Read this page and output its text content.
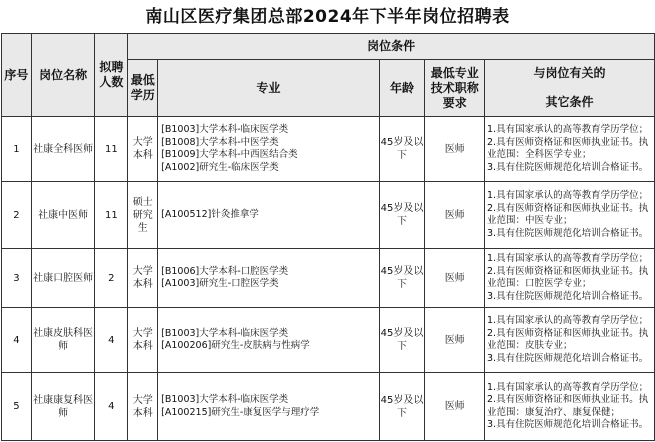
南山区医疗集团总部2024年下半年岗位招聘表
序号	岗位名称	拟聘人数	岗位条件				
			最低学历	专业	年龄	最低专业技术职称要求	与岗位有关的
其它条件

1	社康全科医师	11	大学本科	[B1003]大学本科-临床医学类
[B1008]大学本科-中医学类
[B1009]大学本科-中西医结合类
[A1002]研究生-临床医学类	45岁及以下	医师	1.具有国家承认的高等教育学历学位；
2.具有医师资格证和医师执业证书。执
业范围：全科医学专业；
3.具有住院医师规范化培训合格证书。

2	社康中医师	11	硕士研究生	[A100512]针灸推拿学	45岁及以下	医师	1.具有国家承认的高等教育学历学位；
2.具有医师资格证和医师执业证书。执
业范围：中医专业；
3.具有住院医师规范化培训合格证书。

3	社康口腔医师	2	大学本科	[B1006]大学本科-口腔医学类
[A1003]研究生-口腔医学类	45岁及以下	医师	1.具有国家承认的高等教育学历学位；
2.具有医师资格证和医师执业证书。执
业范围：口腔医学专业；
3.具有住院医师规范化培训合格证书。

4	社康皮肤科医师	4	大学本科	[B1003]大学本科-临床医学类
[A100206]研究生-皮肤病与性病学	45岁及以下	医师	1.具有国家承认的高等教育学历学位；
2.具有医师资格证和医师执业证书。执
业范围：皮肤专业；
3.具有住院医师规范化培训合格证书。

5	社康康复科医师	4	大学本科	[B1003]大学本科-临床医学类
[A100215]研究生-康复医学与理疗学	45岁及以下	医师	1.具有国家承认的高等教育学历学位；
2.具有医师资格证和医师执业证书。执
业范围：康复治疗、康复保健；
3.具有住院医师规范化培训合格证书。
